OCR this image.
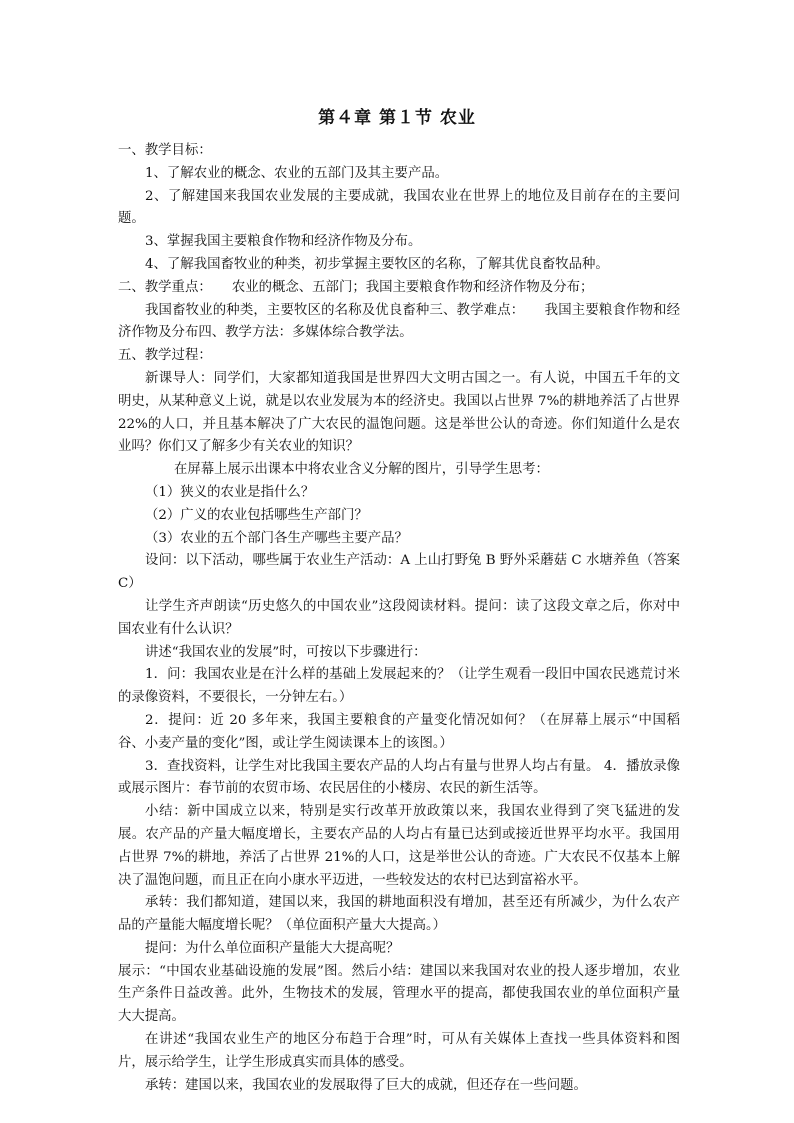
第４章 第１节 农业

一、教学目标：

1、了解农业的概念、农业的五部门及其主要产品。

2、了解建国来我国农业发展的主要成就，我国农业在世界上的地位及目前存在的主要问题。

3、掌握我国主要粮食作物和经济作物及分布。

4、了解我国畜牧业的种类，初步掌握主要牧区的名称，了解其优良畜牧品种。

二、教学重点：　　农业的概念、五部门；我国主要粮食作物和经济作物及分布；

我国畜牧业的种类，主要牧区的名称及优良畜种三、教学难点：　　我国主要粮食作物和经济作物及分布四、教学方法：多媒体综合教学法。

五、教学过程：

新课导人：同学们，大家都知道我国是世界四大文明古国之一。有人说，中国五千年的文明史，从某种意义上说，就是以农业发展为本的经济史。我国以占世界 7%的耕地养活了占世界 22%的人口，并且基本解决了广大农民的温饱问题。这是举世公认的奇迹。你们知道什么是农业吗？你们又了解多少有关农业的知识？

在屏幕上展示出课本中将农业含义分解的图片，引导学生思考：

（1）狭义的农业是指什么？

（2）广义的农业包括哪些生产部门？

（3）农业的五个部门各生产哪些主要产品？

设问：以下活动，哪些属于农业生产活动：A 上山打野兔 B 野外采蘑菇 C 水塘养鱼（答案 C）

让学生齐声朗读“历史悠久的中国农业”这段阅读材料。提问：读了这段文章之后，你对中国农业有什么认识？

讲述“我国农业的发展”时，可按以下步骤进行：

1．问：我国农业是在汁么样的基础上发展起来的？（让学生观看一段旧中国农民逃荒讨米的录像资料，不要很长，一分钟左右。）

2．提问：近 20 多年来，我国主要粮食的产量变化情况如何？（在屏幕上展示“中国稻谷、小麦产量的变化”图，或让学生阅读课本上的该图。）

3．查找资料，让学生对比我国主要农产品的人均占有量与世界人均占有量。 4．播放录像或展示图片：春节前的农贸市场、农民居住的小楼房、农民的新生活等。

小结：新中国成立以来，特别是实行改革开放政策以来，我国农业得到了突飞猛进的发展。农产品的产量大幅度增长，主要农产品的人均占有量已达到或接近世界平均水平。我国用占世界 7%的耕地，养活了占世界 21%的人口，这是举世公认的奇迹。广大农民不仅基本上解决了温饱问题，而且正在向小康水平迈进，一些较发达的农村已达到富裕水平。

承转：我们都知道，建国以来，我国的耕地面积没有增加，甚至还有所减少，为什么农产品的产量能大幅度增长呢？（单位面积产量大大提高。）

提问：为什么单位面积产量能大大提高呢？

展示：“中国农业基础设施的发展”图。然后小结：建国以来我国对农业的投人逐步增加，农业生产条件日益改善。此外，生物技术的发展，管理水平的提高，都使我国农业的单位面积产量大大提高。

在讲述“我国农业生产的地区分布趋于合理”时，可从有关媒体上查找一些具体资料和图片，展示给学生，让学生形成真实而具体的感受。

承转：建国以来，我国农业的发展取得了巨大的成就，但还存在一些问题。
